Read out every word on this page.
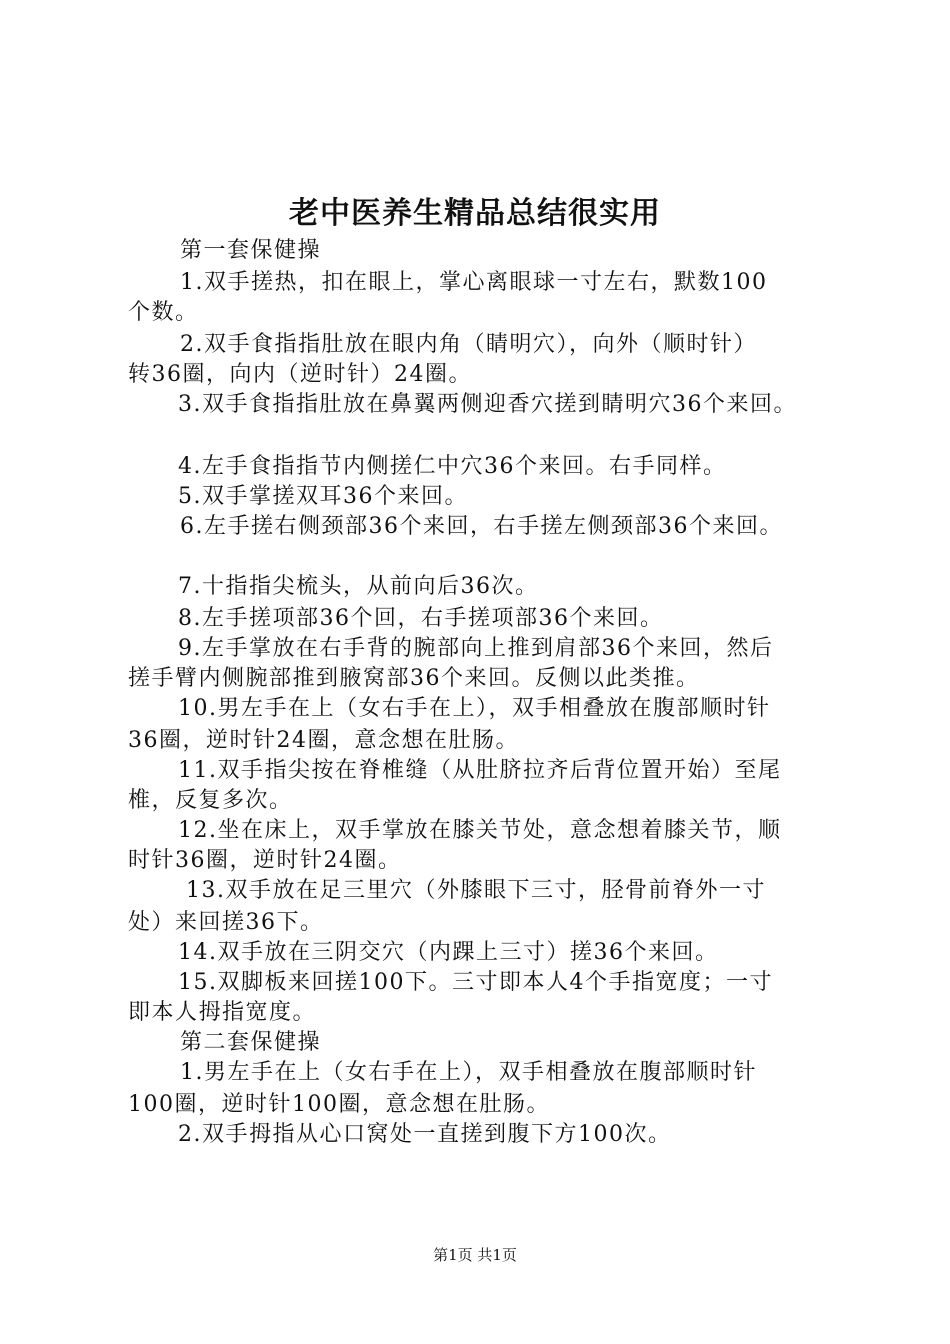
老中医养生精品总结很实用
第一套保健操
1.双手搓热，扣在眼上，掌心离眼球一寸左右，默数100
个数。
2.双手食指指肚放在眼内角（睛明穴），向外（顺时针）
转36圈，向内（逆时针）24圈。
3.双手食指指肚放在鼻翼两侧迎香穴搓到睛明穴36个来回。
4.左手食指指节内侧搓仁中穴36个来回。右手同样。
5.双手掌搓双耳36个来回。
6.左手搓右侧颈部36个来回，右手搓左侧颈部36个来回。
7.十指指尖梳头，从前向后36次。
8.左手搓项部36个回，右手搓项部36个来回。
9.左手掌放在右手背的腕部向上推到肩部36个来回，然后
搓手臂内侧腕部推到腋窝部36个来回。反侧以此类推。
10.男左手在上（女右手在上），双手相叠放在腹部顺时针
36圈，逆时针24圈，意念想在肚肠。
11.双手指尖按在脊椎缝（从肚脐拉齐后背位置开始）至尾
椎，反复多次。
12.坐在床上，双手掌放在膝关节处，意念想着膝关节，顺
时针36圈，逆时针24圈。
13.双手放在足三里穴（外膝眼下三寸，胫骨前脊外一寸
处）来回搓36下。
14.双手放在三阴交穴（内踝上三寸）搓36个来回。
15.双脚板来回搓100下。三寸即本人4个手指宽度；一寸
即本人拇指宽度。
第二套保健操
1.男左手在上（女右手在上），双手相叠放在腹部顺时针
100圈，逆时针100圈，意念想在肚肠。
2.双手拇指从心口窝处一直搓到腹下方100次。
第1页 共1页
